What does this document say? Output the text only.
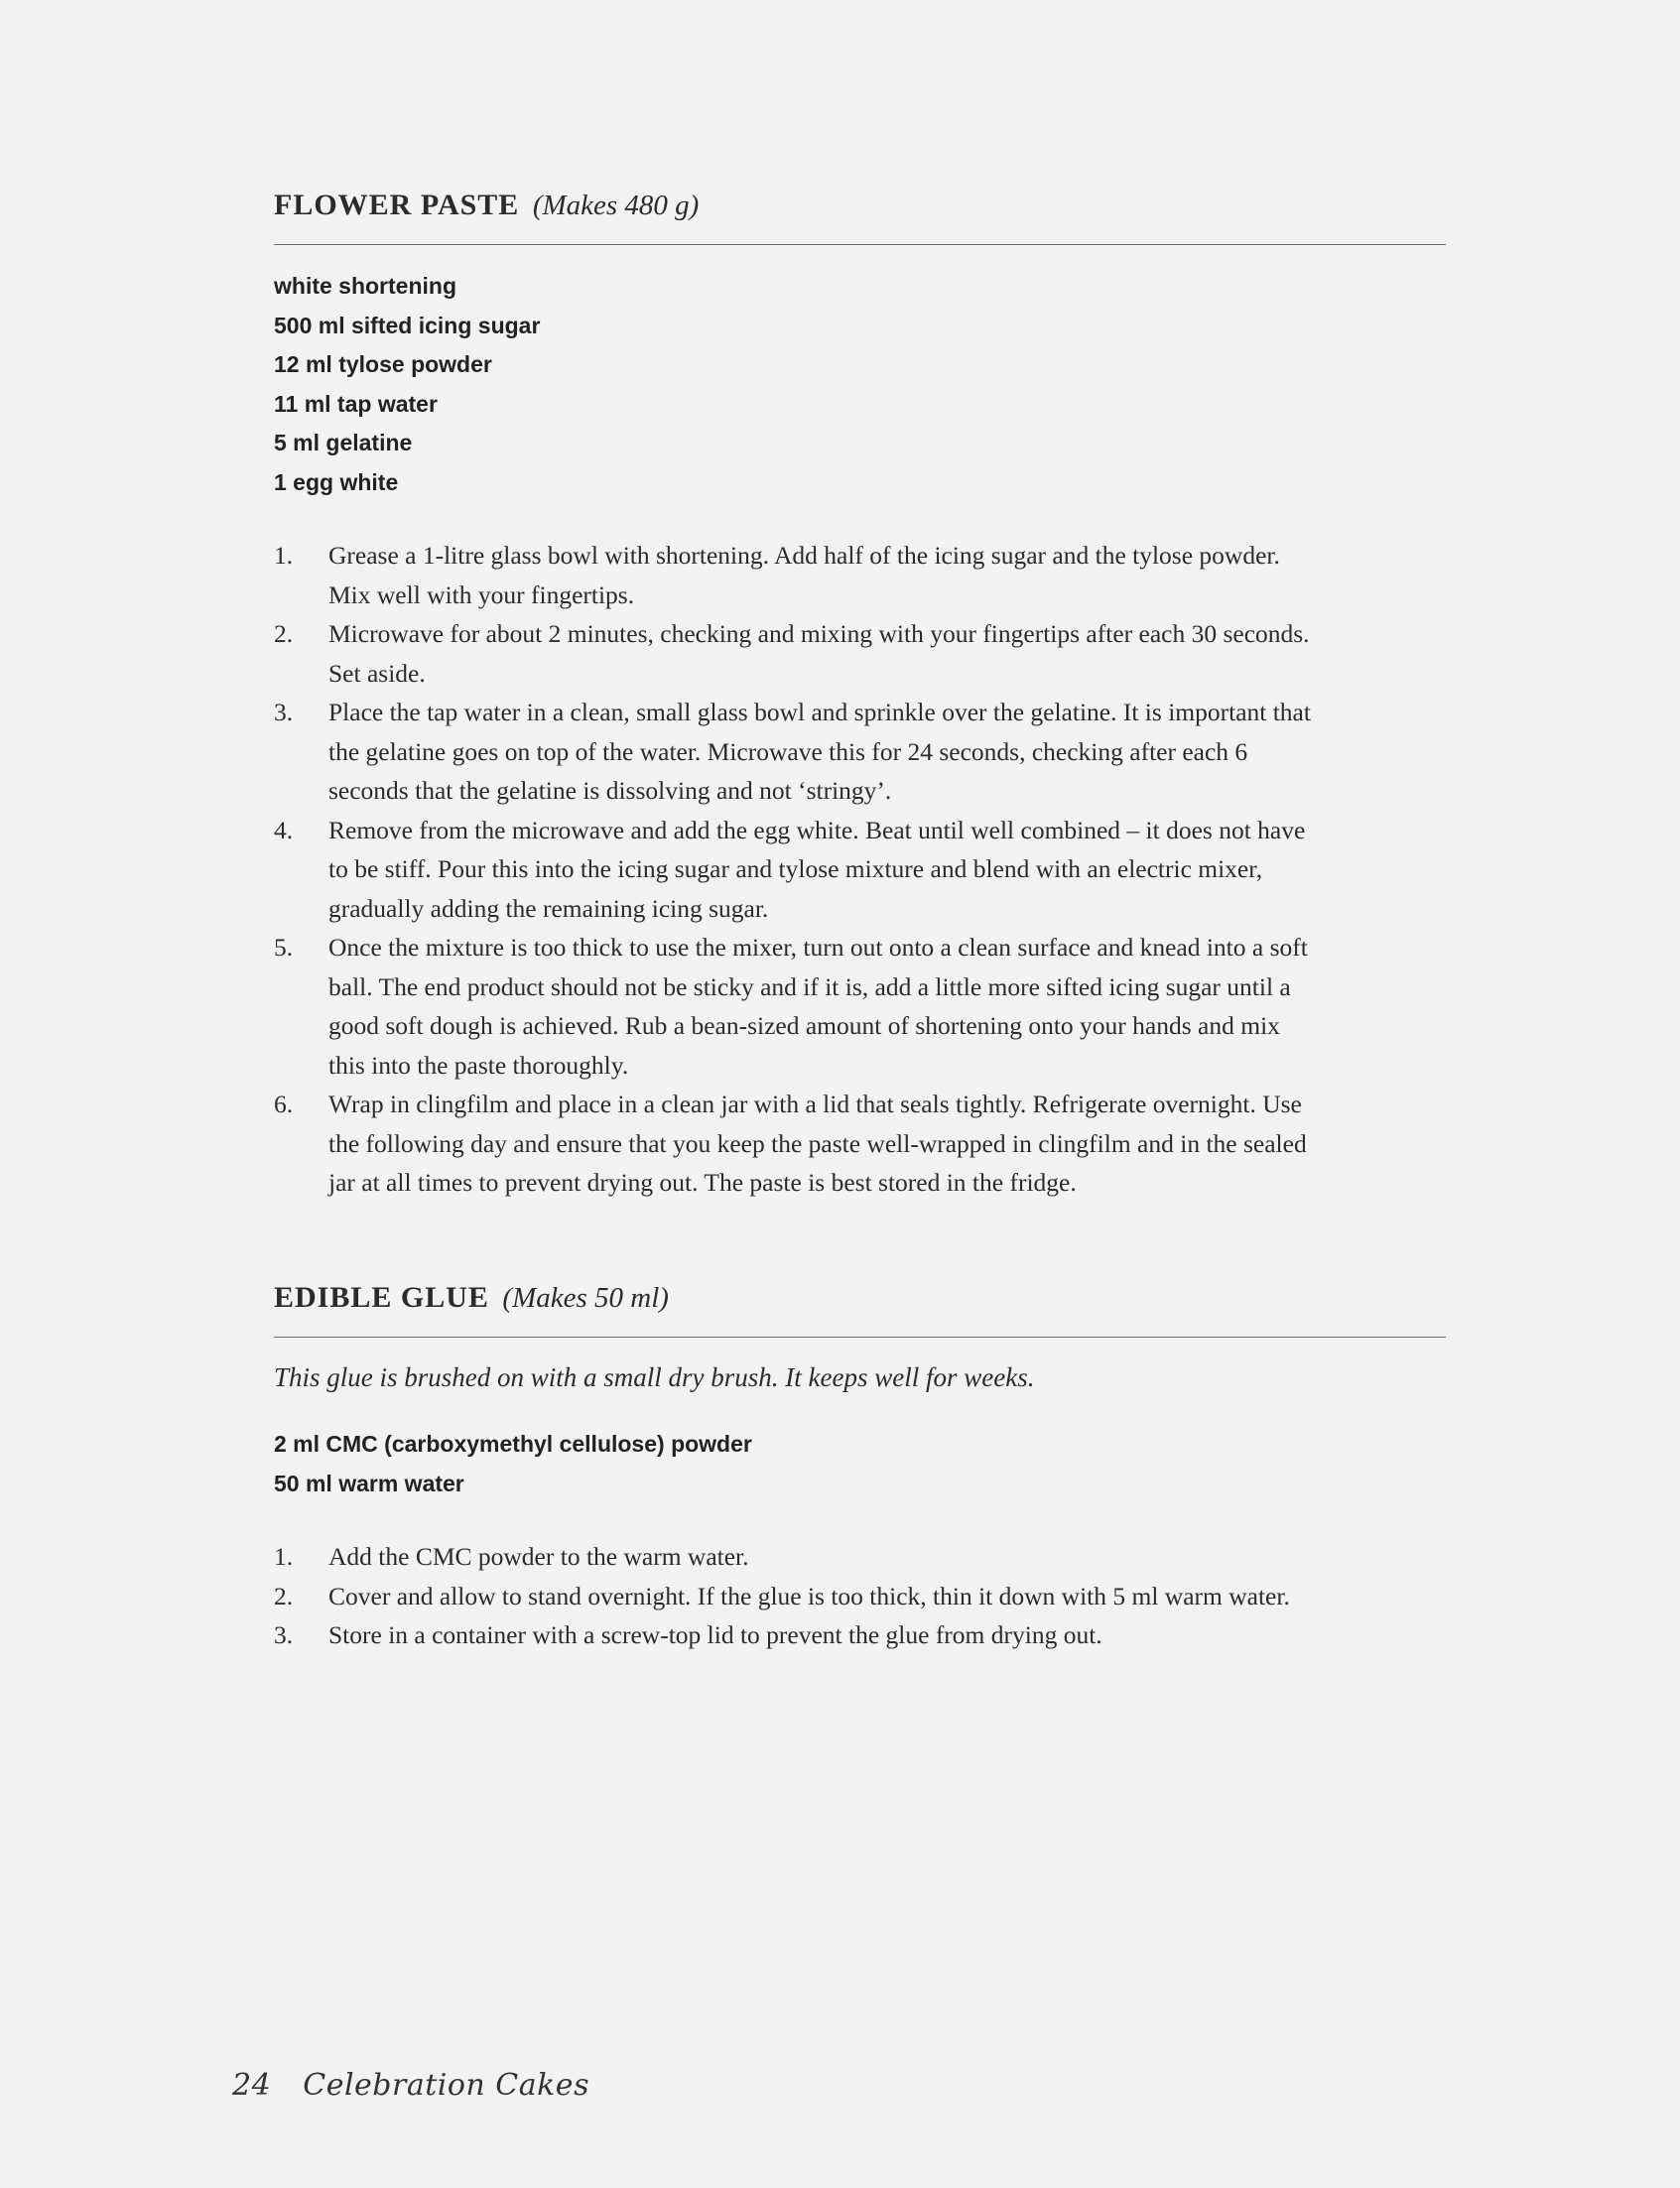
FLOWER PASTE (Makes 480 g)
white shortening
500 ml sifted icing sugar
12 ml tylose powder
11 ml tap water
5 ml gelatine
1 egg white
1. Grease a 1-litre glass bowl with shortening. Add half of the icing sugar and the tylose powder. Mix well with your fingertips.
2. Microwave for about 2 minutes, checking and mixing with your fingertips after each 30 seconds. Set aside.
3. Place the tap water in a clean, small glass bowl and sprinkle over the gelatine. It is important that the gelatine goes on top of the water. Microwave this for 24 seconds, checking after each 6 seconds that the gelatine is dissolving and not ‘stringy’.
4. Remove from the microwave and add the egg white. Beat until well combined – it does not have to be stiff. Pour this into the icing sugar and tylose mixture and blend with an electric mixer, gradually adding the remaining icing sugar.
5. Once the mixture is too thick to use the mixer, turn out onto a clean surface and knead into a soft ball. The end product should not be sticky and if it is, add a little more sifted icing sugar until a good soft dough is achieved. Rub a bean-sized amount of shortening onto your hands and mix this into the paste thoroughly.
6. Wrap in clingfilm and place in a clean jar with a lid that seals tightly. Refrigerate overnight. Use the following day and ensure that you keep the paste well-wrapped in clingfilm and in the sealed jar at all times to prevent drying out. The paste is best stored in the fridge.
EDIBLE GLUE (Makes 50 ml)

This glue is brushed on with a small dry brush. It keeps well for weeks.

2 ml CMC (carboxymethyl cellulose) powder
50 ml warm water
1. Add the CMC powder to the warm water.
2. Cover and allow to stand overnight. If the glue is too thick, thin it down with 5 ml warm water.
3. Store in a container with a screw-top lid to prevent the glue from drying out.
24 Celebration Cakes
